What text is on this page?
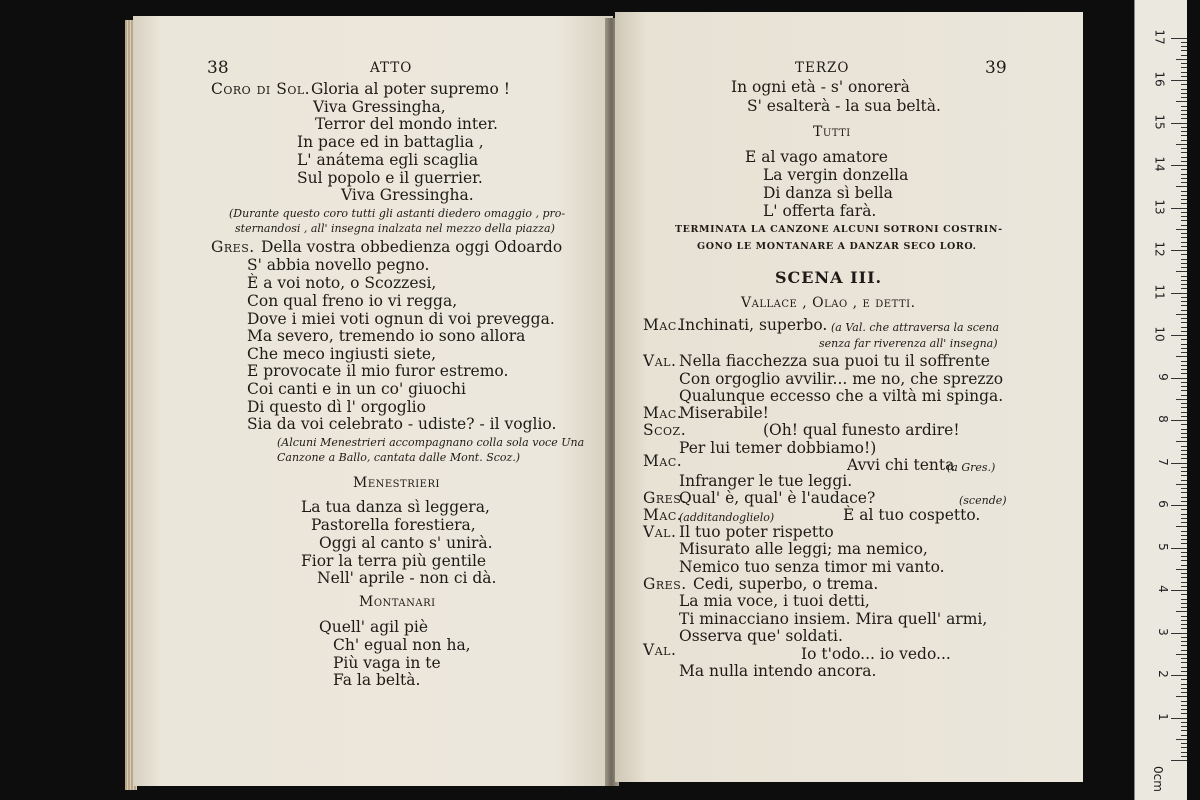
38	ATTO
Coro di Sol. Gloria al poter supremo !
Viva Gressingha,
Terror del mondo inter.
In pace ed in battaglia ,
L' anátema egli scaglia
Sul popolo e il guerrier.
Viva Gressingha.
(Durante questo coro tutti gli astanti diedero omaggio , pro-
sternandosi , all' insegna inalzata nel mezzo della piazza)
Gres. Della vostra obbedienza oggi Odoardo
S' abbia novello pegno.
È a voi noto, o Scozzesi,
Con qual freno io vi regga,
Dove i miei voti ognun di voi prevegga.
Ma severo, tremendo io sono allora
Che meco ingiusti siete,
E provocate il mio furor estremo.
Coi canti e in un co' giuochi
Di questo dì l' orgoglio
Sia da voi celebrato - udiste? - il voglio.
(Alcuni Menestrieri accompagnano colla sola voce Una
Canzone a Ballo, cantata dalle Mont. Scoz.)
Menestrieri
La tua danza sì leggera,
Pastorella forestiera,
Oggi al canto s' unirà.
Fior la terra più gentile
Nell' aprile - non ci dà.
Montanari
Quell' agil piè
Ch' egual non ha,
Più vaga in te
Fa la beltà.
TERZO	39
In ogni età - s' onorerà
S' esalterà - la sua beltà.
Tutti
E al vago amatore
La vergin donzella
Di danza sì bella
L' offerta farà.
TERMINATA LA CANZONE ALCUNI SOTRONI COSTRIN-
GONO LE MONTANARE A DANZAR SECO LORO.
SCENA III.
Vallace , Olao , e detti.
Mac.
Inchinati, superbo. (a Val. che attraversa la scena
senza far riverenza all' insegna)
Val. Nella fiacchezza sua puoi tu il soffrente
Con orgoglio avvilir... me no, che sprezzo
Qualunque eccesso che a viltà mi spinga.
Mac.
Miserabile!
Scoz.	(Oh! qual funesto ardire!
Per lui temer dobbiamo!)
Mac.	Avvi chi tenta
(a Gres.)
Infranger le tue leggi.
Gres.
Qual' è, qual' è l'audace?	(scende)
Mac.
(additandoglielo)	È al tuo cospetto.
Val. Il tuo poter rispetto
Misurato alle leggi; ma nemico,
Nemico tuo senza timor mi vanto.
Gres. Cedi, superbo, o trema.
La mia voce, i tuoi detti,
Ti minacciano insiem. Mira quell' armi,
Osserva que' soldati.
Val.	Io t'odo... io vedo...
Ma nulla intendo ancora.
0cm
1
2
3
4
5
6
7
8
9
10
11
12
13
14
15
16
17
